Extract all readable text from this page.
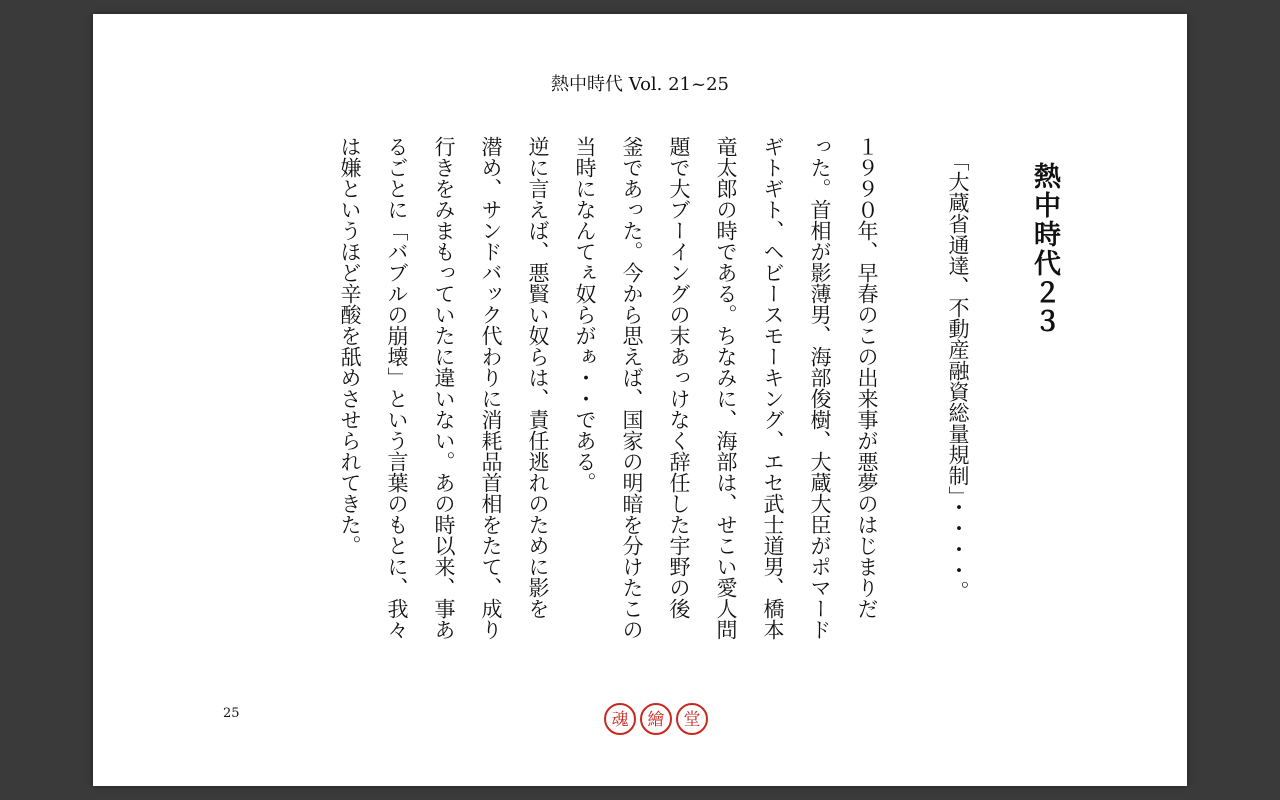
熱中時代 Vol. 21~25
熱中時代２３
「大蔵省通達、不動産融資総量規制」・・・・。
１９９０年、早春のこの出来事が悪夢のはじまりだ
った。首相が影薄男、海部俊樹、大蔵大臣がポマード
ギトギト、ヘビースモーキング、エセ武士道男、橋本
竜太郎の時である。ちなみに、海部は、せこい愛人問
題で大ブーイングの末あっけなく辞任した宇野の後
釜であった。今から思えば、国家の明暗を分けたこの
当時になんてぇ奴らがぁ・・である。
逆に言えば、悪賢い奴らは、責任逃れのために影を
潜め、サンドバック代わりに消耗品首相をたて、成り
行きをみまもっていたに違いない。あの時以来、事あ
るごとに「バブルの崩壊」という言葉のもとに、我々
は嫌というほど辛酸を舐めさせられてきた。
25	魂 繪 堂
